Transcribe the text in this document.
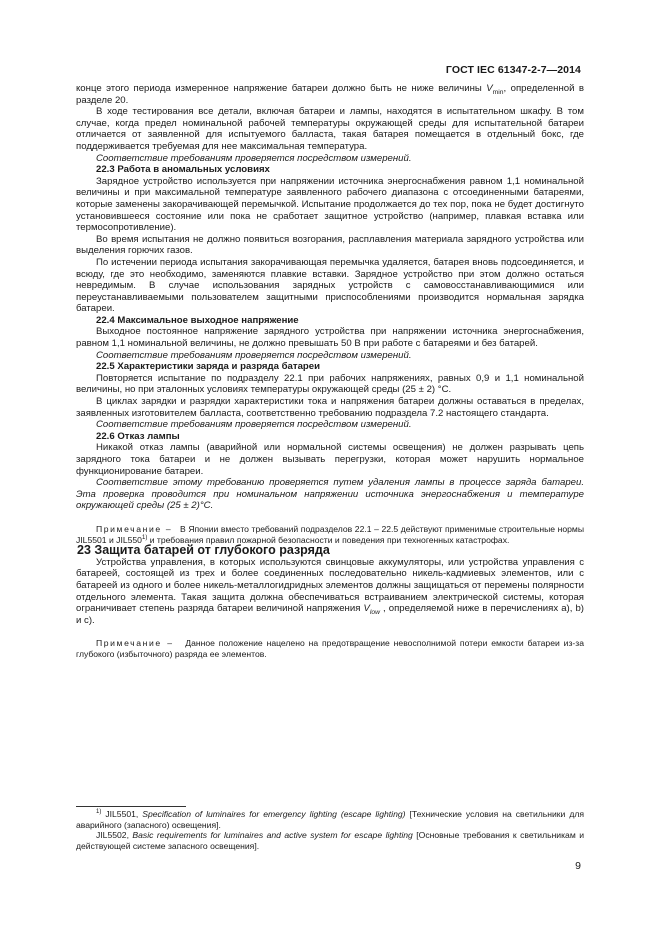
ГОСТ IEC 61347-2-7—2014

конце этого периода измеренное напряжение батареи должно быть не ниже величины $V_{min}$, определенной в разделе 20.

В ходе тестирования все детали, включая батареи и лампы, находятся в испытательном шкафу. В том случае, когда предел номинальной рабочей температуры окружающей среды для испытательной батареи отличается от заявленной для испытуемого балласта, такая батарея помещается в отдельный бокс, где поддерживается требуемая для нее максимальная температура.

Соответствие требованиям проверяется посредством измерений.

22.3 Работа в аномальных условиях

Зарядное устройство используется при напряжении источника энергоснабжения равном 1,1 номинальной величины и при максимальной температуре заявленного рабочего диапазона с отсоединенными батареями, которые заменены закорачивающей перемычкой. Испытание продолжается до тех пор, пока не будет достигнуто установившееся состояние или пока не сработает защитное устройство (например, плавкая вставка или термосопротивление).

Во время испытания не должно появиться возгорания, расплавления материала зарядного устройства или выделения горючих газов.

По истечении периода испытания закорачивающая перемычка удаляется, батарея вновь подсоединяется, и всюду, где это необходимо, заменяются плавкие вставки. Зарядное устройство при этом должно остаться невредимым. В случае использования зарядных устройств с самовосстанавливающимися или переустанавливаемыми пользователем защитными приспособлениями производится нормальная зарядка батареи.

22.4 Максимальное выходное напряжение

Выходное постоянное напряжение зарядного устройства при напряжении источника энергоснабжения, равном 1,1 номинальной величины, не должно превышать 50 В при работе с батареями и без батарей.

Соответствие требованиям проверяется посредством измерений.

22.5 Характеристики заряда и разряда батареи

Повторяется испытание по подразделу 22.1 при рабочих напряжениях, равных 0,9 и 1,1 номинальной величины, но при эталонных условиях температуры окружающей среды (25 ± 2) °С.

В циклах зарядки и разрядки характеристики тока и напряжения батареи должны оставаться в пределах, заявленных изготовителем балласта, соответственно требованию подраздела 7.2 настоящего стандарта.

Соответствие требованиям проверяется посредством измерений.

22.6 Отказ лампы

Никакой отказ лампы (аварийной или нормальной системы освещения) не должен разрывать цепь зарядного тока батареи и не должен вызывать перегрузки, которая может нарушить нормальное функционирование батареи.

Соответствие этому требованию проверяется путем удаления лампы в процессе заряда батареи. Эта проверка проводится при номинальном напряжении источника энергоснабжения и температуре окружающей среды (25 ± 2)°С.

Примечание – В Японии вместо требований подразделов 22.1 – 22.5 действуют применимые строительные нормы JIL5501 и JIL550$^{1)}$ и требования правил пожарной безопасности и поведения при техногенных катастрофах.

23 Защита батарей от глубокого разряда

Устройства управления, в которых используются свинцовые аккумуляторы, или устройства управления с батареей, состоящей из трех и более соединенных последовательно никель-кадмиевых элементов, или с батареей из одного и более никель-металлогидридных элементов должны защищаться от перемены полярности отдельного элемента. Такая защита должна обеспечиваться встраиванием электрической системы, которая ограничивает степень разряда батареи величиной напряжения $V_{low}$ , определяемой ниже в перечислениях а), b) и с).

Примечание – Данное положение нацелено на предотвращение невосполнимой потери емкости батареи из-за глубокого (избыточного) разряда ее элементов.

$^{1)}$ JIL5501, Specification of luminaires for emergency lighting (escape lighting) [Технические условия на светильники для аварийного (запасного) освещения].

JIL5502, Basic requirements for luminaires and active system for escape lighting [Основные требования к светильникам и действующей системе запасного освещения].

9
